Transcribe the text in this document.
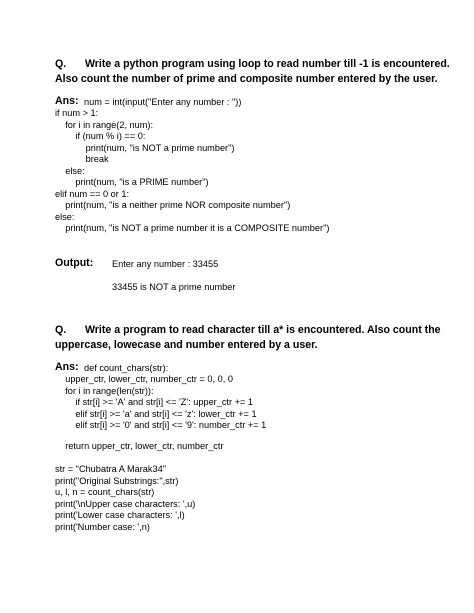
Q. Write a python program using loop to read number till -1 is encountered.
Also count the number of prime and composite number entered by the user.
Ans: num = int(input("Enter any number : "))
if num > 1:
for i in range(2, num):
if (num % i) == 0:
print(num, "is NOT a prime number")
break
else:
print(num, "is a PRIME number")
elif num == 0 or 1:
print(num, "is a neither prime NOR composite number")
else:
print(num, "is NOT a prime number it is a COMPOSITE number")
Output: Enter any number : 33455
33455 is NOT a prime number
Q. Write a program to read character till a* is encountered. Also count the
uppercase, lowecase and number entered by a user.
Ans: def count_chars(str):
upper_ctr, lower_ctr, number_ctr = 0, 0, 0
for i in range(len(str)):
if str[i] >= 'A' and str[i] <= 'Z': upper_ctr += 1
elif str[i] >= 'a' and str[i] <= 'z': lower_ctr += 1
elif str[i] >= '0' and str[i] <= '9': number_ctr += 1
return upper_ctr, lower_ctr, number_ctr
str = "Chubatra A Marak34"
print("Original Substrings:",str)
u, l, n = count_chars(str)
print('\nUpper case characters: ',u)
print('Lower case characters: ',l)
print('Number case: ',n)
